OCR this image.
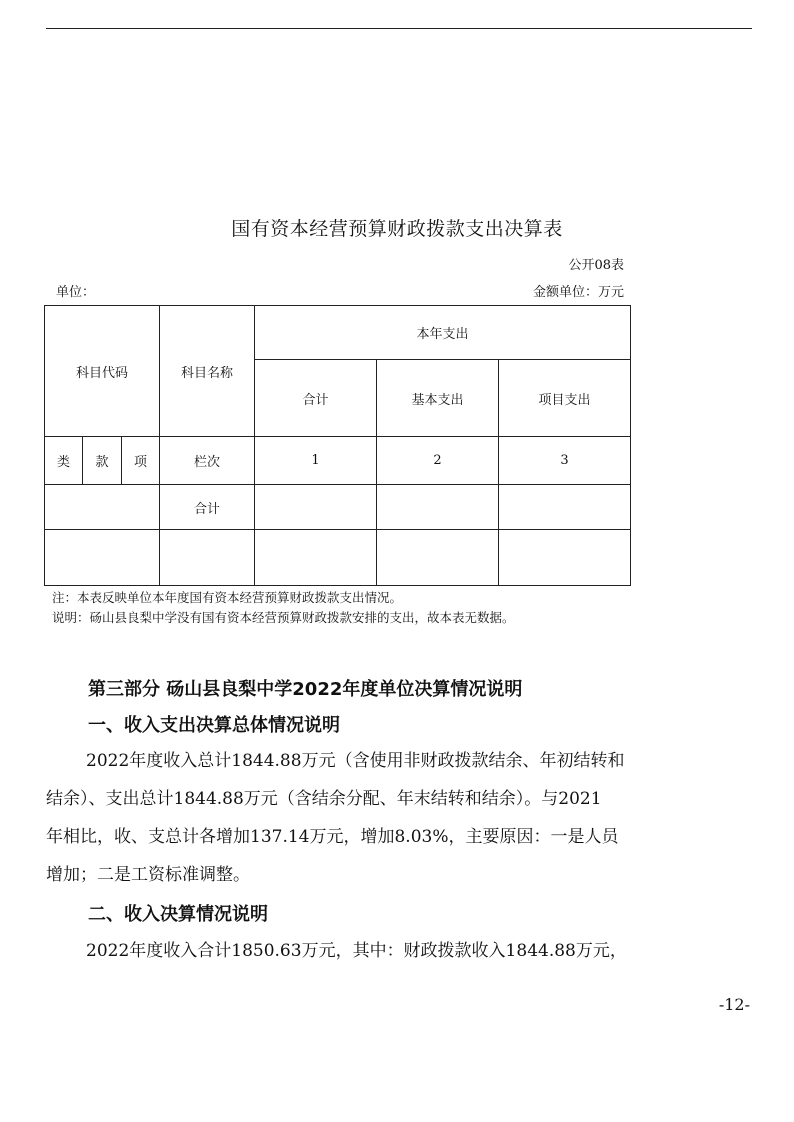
国有资本经营预算财政拨款支出决算表
公开08表
单位：	金额单位：万元
科目代码			科目名称	本年支出		
				合计	基本支出	项目支出
类	款	项	栏次	1	2	3
			合计			

注：本表反映单位本年度国有资本经营预算财政拨款支出情况。
说明：砀山县良梨中学没有国有资本经营预算财政拨款安排的支出，故本表无数据。
第三部分 砀山县良梨中学2022年度单位决算情况说明
一、收入支出决算总体情况说明
2022年度收入总计1844.88万元（含使用非财政拨款结余、年初结转和
结余）、支出总计1844.88万元（含结余分配、年末结转和结余）。与2021
年相比，收、支总计各增加137.14万元，增加8.03%，主要原因：一是人员
增加；二是工资标准调整。
二、收入决算情况说明
2022年度收入合计1850.63万元，其中：财政拨款收入1844.88万元，
-12-
